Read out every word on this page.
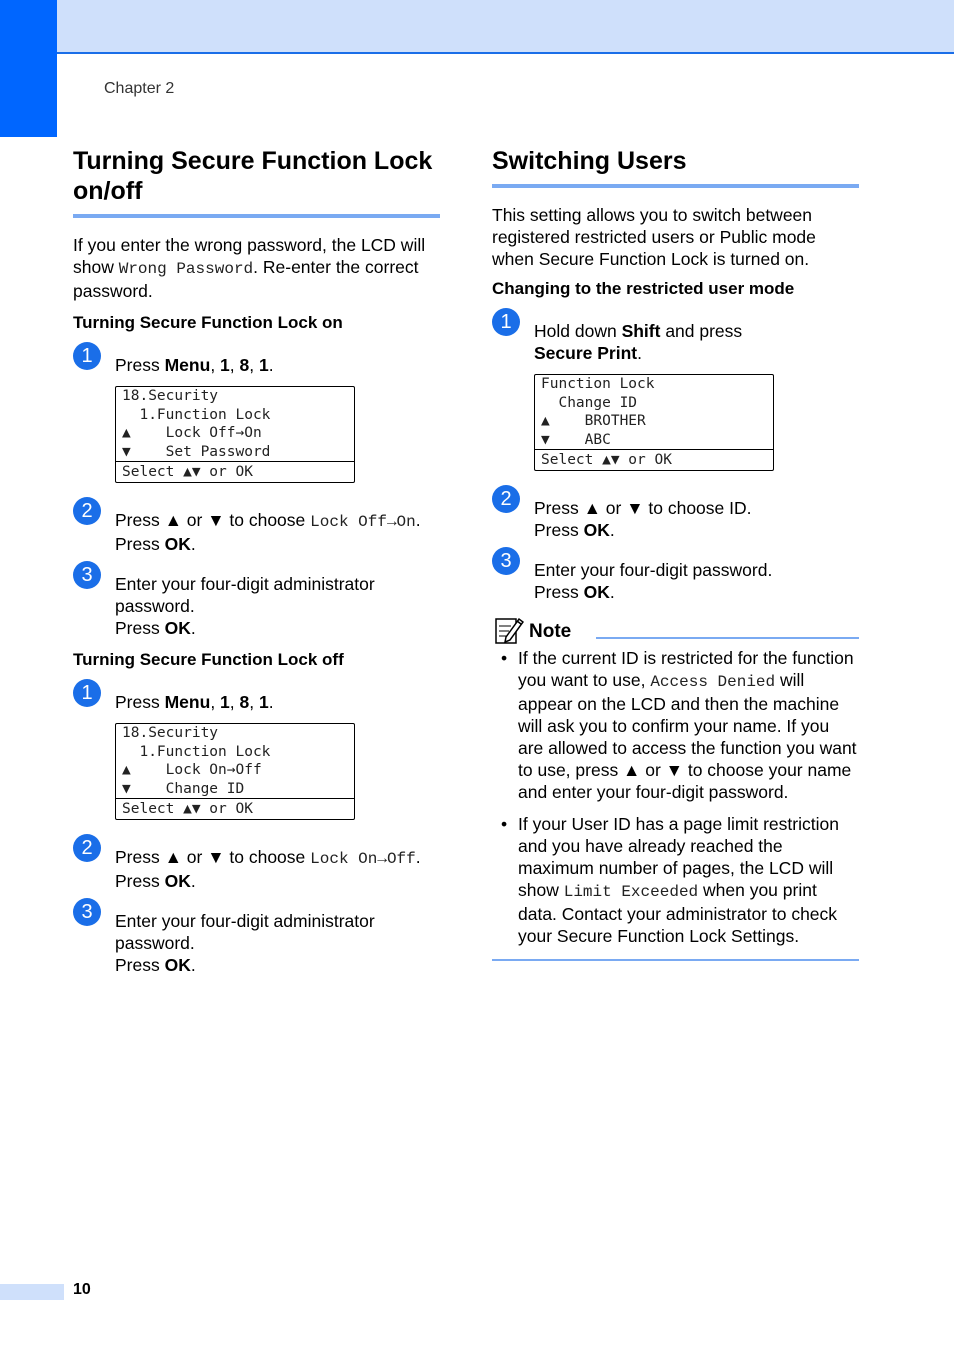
Chapter 2
Turning Secure Function Lock on/off

If you enter the wrong password, the LCD will show Wrong Password. Re-enter the correct password.

Turning Secure Function Lock on
1	Press Menu, 1, 8, 1.
18.Security
1.Function Lock
▲    Lock Off→On
▼    Set Password
Select ▲▼ or OK
2	Press ▲ or ▼ to choose Lock Off→On.
Press OK.
3	Enter your four-digit administrator password.
Press OK.
Turning Secure Function Lock off
1	Press Menu, 1, 8, 1.
18.Security
1.Function Lock
▲    Lock On→Off
▼    Change ID
Select ▲▼ or OK
2	Press ▲ or ▼ to choose Lock On→Off.
Press OK.
3	Enter your four-digit administrator password.
Press OK.
Switching Users

This setting allows you to switch between registered restricted users or Public mode when Secure Function Lock is turned on.

Changing to the restricted user mode
1	Hold down Shift and press
Secure Print.
Function Lock
Change ID
▲    BROTHER
▼    ABC
Select ▲▼ or OK
2	Press ▲ or ▼ to choose ID.
Press OK.
3	Enter your four-digit password.
Press OK.
Note
• If the current ID is restricted for the function you want to use, Access Denied will appear on the LCD and then the machine will ask you to confirm your name. If you are allowed to access the function you want to use, press ▲ or ▼ to choose your name and enter your four-digit password.
• If your User ID has a page limit restriction and you have already reached the maximum number of pages, the LCD will show Limit Exceeded when you print data. Contact your administrator to check your Secure Function Lock Settings.
10
